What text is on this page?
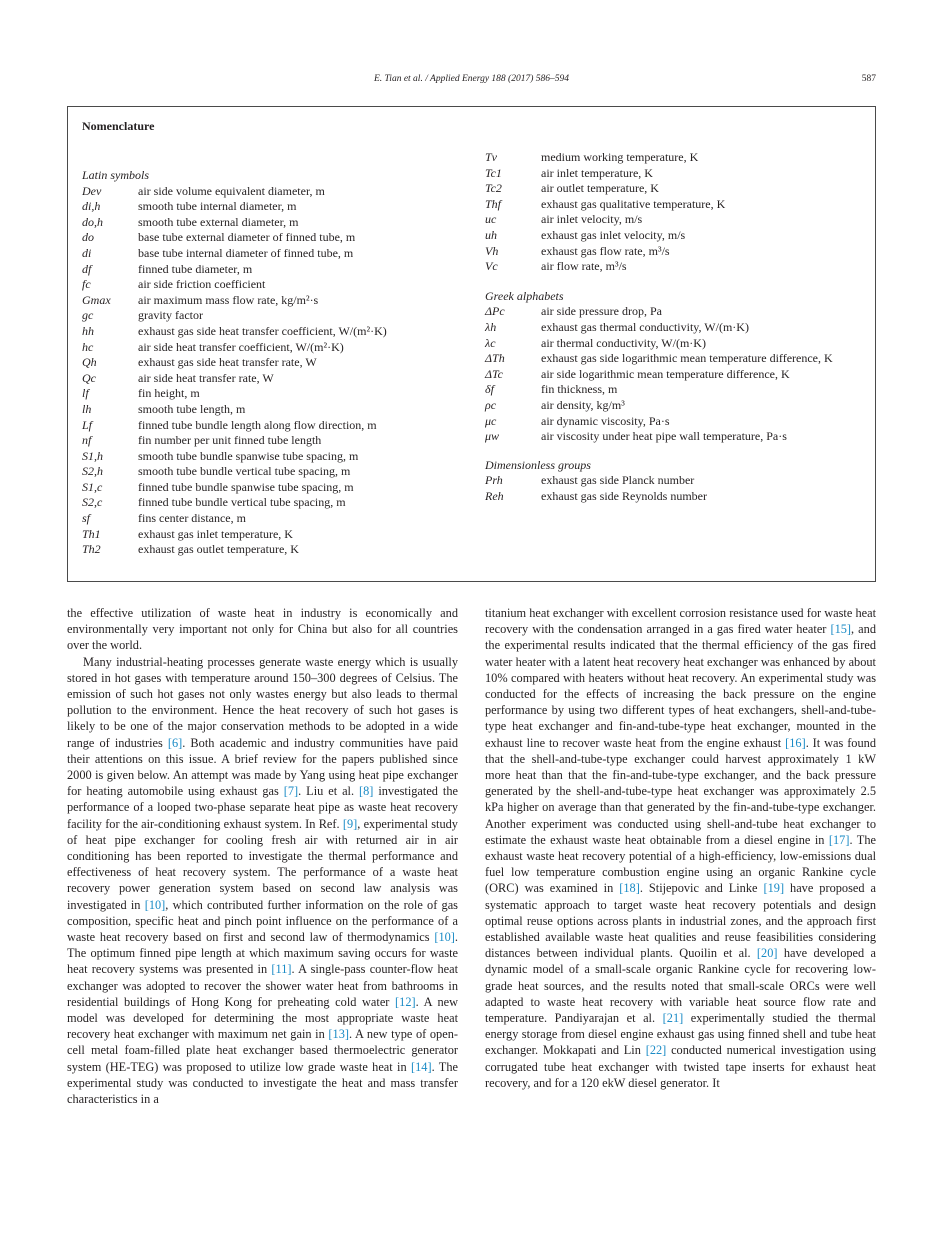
E. Tian et al. / Applied Energy 188 (2017) 586–594	587
Nomenclature
Latin symbols
Dev	air side volume equivalent diameter, m
di,h	smooth tube internal diameter, m
do,h	smooth tube external diameter, m
do	base tube external diameter of finned tube, m
di	base tube internal diameter of finned tube, m
df	finned tube diameter, m
fc	air side friction coefficient
Gmax	air maximum mass flow rate, kg/m²·s
gc	gravity factor
hh	exhaust gas side heat transfer coefficient, W/(m²·K)
hc	air side heat transfer coefficient, W/(m²·K)
Qh	exhaust gas side heat transfer rate, W
Qc	air side heat transfer rate, W
lf	fin height, m
lh	smooth tube length, m
Lf	finned tube bundle length along flow direction, m
nf	fin number per unit finned tube length
S1,h	smooth tube bundle spanwise tube spacing, m
S2,h	smooth tube bundle vertical tube spacing, m
S1,c	finned tube bundle spanwise tube spacing, m
S2,c	finned tube bundle vertical tube spacing, m
sf	fins center distance, m
Th1	exhaust gas inlet temperature, K
Th2	exhaust gas outlet temperature, K
Tv	medium working temperature, K
Tc1	air inlet temperature, K
Tc2	air outlet temperature, K
Thf	exhaust gas qualitative temperature, K
uc	air inlet velocity, m/s
uh	exhaust gas inlet velocity, m/s
Vh	exhaust gas flow rate, m³/s
Vc	air flow rate, m³/s
Greek alphabets
ΔPc	air side pressure drop, Pa
λh	exhaust gas thermal conductivity, W/(m·K)
λc	air thermal conductivity, W/(m·K)
ΔTh	exhaust gas side logarithmic mean temperature difference, K
ΔTc	air side logarithmic mean temperature difference, K
δf	fin thickness, m
ρc	air density, kg/m³
μc	air dynamic viscosity, Pa·s
μw	air viscosity under heat pipe wall temperature, Pa·s
Dimensionless groups
Prh	exhaust gas side Planck number
Reh	exhaust gas side Reynolds number

the effective utilization of waste heat in industry is economically and environmentally very important not only for China but also for all countries over the world.

Many industrial-heating processes generate waste energy which is usually stored in hot gases with temperature around 150–300 degrees of Celsius. The emission of such hot gases not only wastes energy but also leads to thermal pollution to the environment. Hence the heat recovery of such hot gases is likely to be one of the major conservation methods to be adopted in a wide range of industries [6]. Both academic and industry communities have paid their attentions on this issue. A brief review for the papers published since 2000 is given below. An attempt was made by Yang using heat pipe exchanger for heating automobile using exhaust gas [7]. Liu et al. [8] investigated the performance of a looped two-phase separate heat pipe as waste heat recovery facility for the air-conditioning exhaust system. In Ref. [9], experimental study of heat pipe exchanger for cooling fresh air with returned air in air conditioning has been reported to investigate the thermal performance and effectiveness of heat recovery system. The performance of a waste heat recovery power generation system based on second law analysis was investigated in [10], which contributed further information on the role of gas composition, specific heat and pinch point influence on the performance of a waste heat recovery based on first and second law of thermodynamics [10]. The optimum finned pipe length at which maximum saving occurs for waste heat recovery systems was presented in [11]. A single-pass counter-flow heat exchanger was adopted to recover the shower water heat from bathrooms in residential buildings of Hong Kong for preheating cold water [12]. A new model was developed for determining the most appropriate waste heat recovery heat exchanger with maximum net gain in [13]. A new type of open-cell metal foam-filled plate heat exchanger based thermoelectric generator system (HE-TEG) was proposed to utilize low grade waste heat in [14]. The experimental study was conducted to investigate the heat and mass transfer characteristics in a

titanium heat exchanger with excellent corrosion resistance used for waste heat recovery with the condensation arranged in a gas fired water heater [15], and the experimental results indicated that the thermal efficiency of the gas fired water heater with a latent heat recovery heat exchanger was enhanced by about 10% compared with heaters without heat recovery. An experimental study was conducted for the effects of increasing the back pressure on the engine performance by using two different types of heat exchangers, shell-and-tube-type heat exchanger and fin-and-tube-type heat exchanger, mounted in the exhaust line to recover waste heat from the engine exhaust [16]. It was found that the shell-and-tube-type exchanger could harvest approximately 1 kW more heat than that the fin-and-tube-type exchanger, and the back pressure generated by the shell-and-tube-type heat exchanger was approximately 2.5 kPa higher on average than that generated by the fin-and-tube-type exchanger. Another experiment was conducted using shell-and-tube heat exchanger to estimate the exhaust waste heat obtainable from a diesel engine in [17]. The exhaust waste heat recovery potential of a high-efficiency, low-emissions dual fuel low temperature combustion engine using an organic Rankine cycle (ORC) was examined in [18]. Stijepovic and Linke [19] have proposed a systematic approach to target waste heat recovery potentials and design optimal reuse options across plants in industrial zones, and the approach first established available waste heat qualities and reuse feasibilities considering distances between individual plants. Quoilin et al. [20] have developed a dynamic model of a small-scale organic Rankine cycle for recovering low-grade heat sources, and the results noted that small-scale ORCs were well adapted to waste heat recovery with variable heat source flow rate and temperature. Pandiyarajan et al. [21] experimentally studied the thermal energy storage from diesel engine exhaust gas using finned shell and tube heat exchanger. Mokkapati and Lin [22] conducted numerical investigation using corrugated tube heat exchanger with twisted tape inserts for exhaust heat recovery, and for a 120 ekW diesel generator. It
